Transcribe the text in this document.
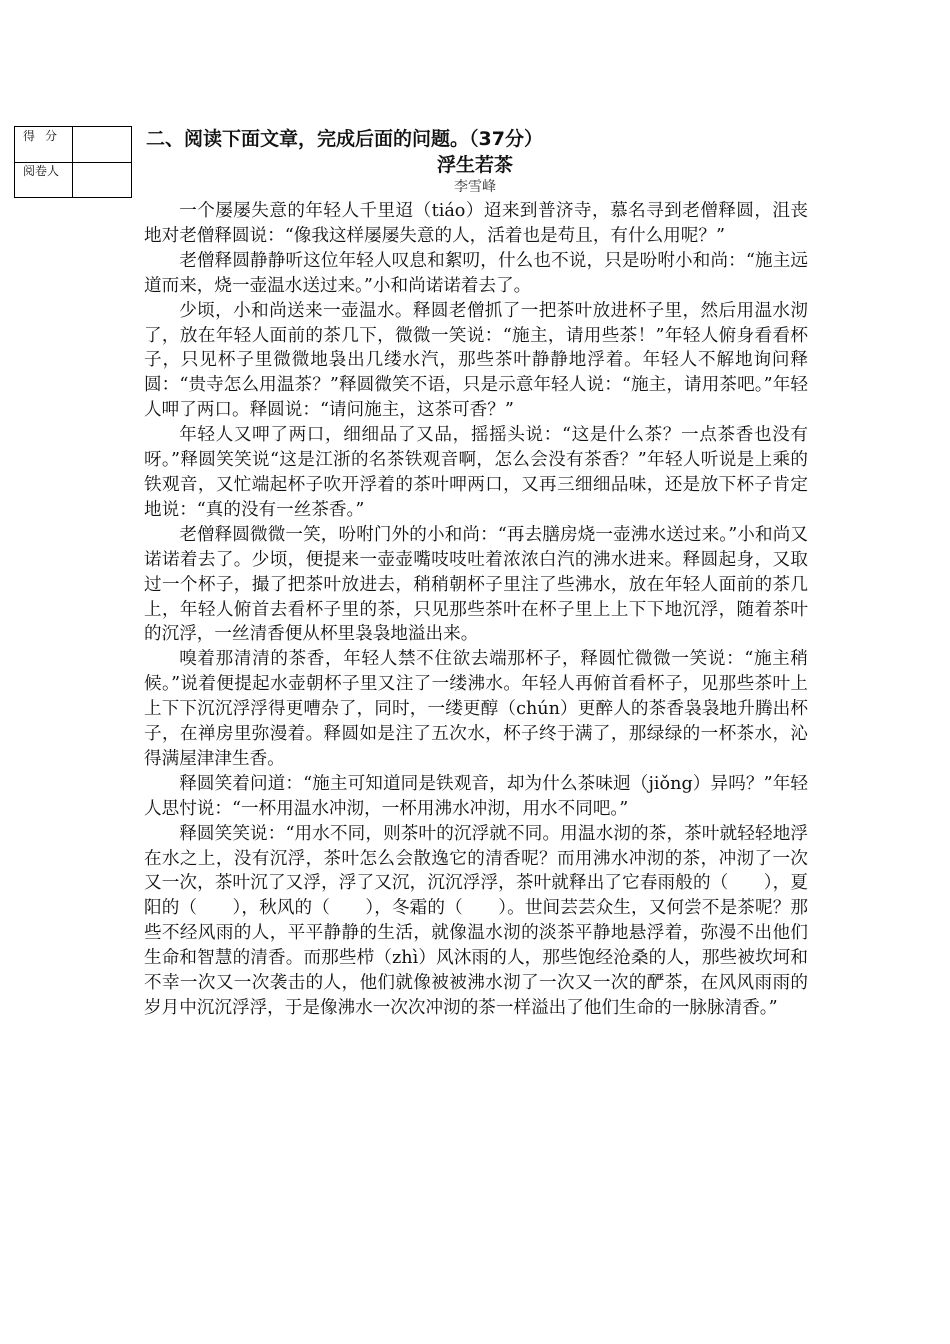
得分
阅卷人
二、阅读下面文章，完成后面的问题。（37分）
浮生若茶
李雪峰

一个屡屡失意的年轻人千里迢（tiáo）迢来到普济寺，慕名寻到老僧释圆，沮丧地对老僧释圆说：“像我这样屡屡失意的人，活着也是苟且，有什么用呢？”

老僧释圆静静听这位年轻人叹息和絮叨，什么也不说，只是吩咐小和尚：“施主远道而来，烧一壶温水送过来。”小和尚诺诺着去了。

少顷，小和尚送来一壶温水。释圆老僧抓了一把茶叶放进杯子里，然后用温水沏了，放在年轻人面前的茶几下，微微一笑说：“施主，请用些茶！”年轻人俯身看看杯子，只见杯子里微微地袅出几缕水汽，那些茶叶静静地浮着。年轻人不解地询问释圆：“贵寺怎么用温茶？”释圆微笑不语，只是示意年轻人说：“施主，请用茶吧。”年轻人呷了两口。释圆说：“请问施主，这茶可香？”

年轻人又呷了两口，细细品了又品，摇摇头说：“这是什么茶？一点茶香也没有呀。”释圆笑笑说“这是江浙的名茶铁观音啊，怎么会没有茶香？”年轻人听说是上乘的铁观音，又忙端起杯子吹开浮着的茶叶呷两口，又再三细细品味，还是放下杯子肯定地说：“真的没有一丝茶香。”

老僧释圆微微一笑，吩咐门外的小和尚：“再去膳房烧一壶沸水送过来。”小和尚又诺诺着去了。少顷，便提来一壶壶嘴吱吱吐着浓浓白汽的沸水进来。释圆起身，又取过一个杯子，撮了把茶叶放进去，稍稍朝杯子里注了些沸水，放在年轻人面前的茶几上，年轻人俯首去看杯子里的茶，只见那些茶叶在杯子里上上下下地沉浮，随着茶叶的沉浮，一丝清香便从杯里袅袅地溢出来。

嗅着那清清的茶香，年轻人禁不住欲去端那杯子，释圆忙微微一笑说：“施主稍候。”说着便提起水壶朝杯子里又注了一缕沸水。年轻人再俯首看杯子，见那些茶叶上上下下沉沉浮浮得更嘈杂了，同时，一缕更醇（chún）更醉人的茶香袅袅地升腾出杯子，在禅房里弥漫着。释圆如是注了五次水，杯子终于满了，那绿绿的一杯茶水，沁得满屋津津生香。

释圆笑着问道：“施主可知道同是铁观音，却为什么茶味迥（jiǒng）异吗？”年轻人思忖说：“一杯用温水冲沏，一杯用沸水冲沏，用水不同吧。”

释圆笑笑说：“用水不同，则茶叶的沉浮就不同。用温水沏的茶，茶叶就轻轻地浮在水之上，没有沉浮，茶叶怎么会散逸它的清香呢？而用沸水冲沏的茶，冲沏了一次又一次，茶叶沉了又浮，浮了又沉，沉沉浮浮，茶叶就释出了它春雨般的（　　），夏阳的（　　），秋风的（　　），冬霜的（　　）。世间芸芸众生，又何尝不是茶呢？那些不经风雨的人，平平静静的生活，就像温水沏的淡茶平静地悬浮着，弥漫不出他们生命和智慧的清香。而那些栉（zhì）风沐雨的人，那些饱经沧桑的人，那些被坎坷和不幸一次又一次袭击的人，他们就像被被沸水沏了一次又一次的酽茶，在风风雨雨的岁月中沉沉浮浮，于是像沸水一次次冲沏的茶一样溢出了他们生命的一脉脉清香。”
